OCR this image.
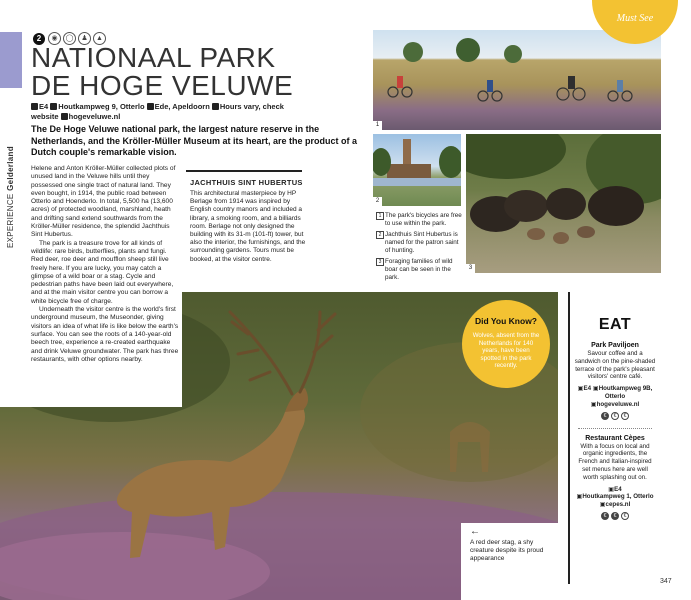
EXPERIENCE Gelderland
2	◉	◯	♟	▲
NATIONAAL PARK
DE HOGE VELUWE
E4 Houtkampweg 9, Otterlo Ede, Apeldoorn Hours vary, check
website hogeveluwe.nl

The De Hoge Veluwe national park, the largest nature reserve in the Netherlands, and the Kröller-Müller Museum at its heart, are the product of a Dutch couple's remarkable vision.

Helene and Anton Kröller-Müller collected plots of unused land in the Veluwe hills until they possessed one single tract of natural land. They even bought, in 1914, the public road between Otterlo and Hoenderlo. In total, 5,500 ha (13,600 acres) of protected woodland, marshland, heath and drifting sand extend southwards from the Kröller-Müller residence, the splendid Jachthuis Sint Hubertus.

The park is a treasure trove for all kinds of wildlife: rare birds, butterflies, plants and fungi. Red deer, roe deer and moufflon sheep still live freely here. If you are lucky, you may catch a glimpse of a wild boar or a stag. Cycle and pedestrian paths have been laid out everywhere, and at the main visitor centre you can borrow a white bicycle free of charge.

Underneath the visitor centre is the world's first underground museum, the Museonder, giving visitors an idea of what life is like below the earth's surface. You can see the roots of a 140-year-old beech tree, experience a re-created earthquake and drink Veluwe groundwater. The park has three restaurants, with other options nearby.

JACHTHUIS SINT HUBERTUS

This architectural masterpiece by HP Berlage from 1914 was inspired by English country manors and included a library, a smoking room, and a billiards room. Berlage not only designed the building with its 31-m (101-ft) tower, but also the interior, the furnishings, and the surrounding gardens. Tours must be booked, at the visitor centre.

1
2
3

1 The park's bicycles are free to use within the park.

2 Jachthuis Sint Hubertus is named for the patron saint of hunting.

3 Foraging families of wild boar can be seen in the park.

Must See
Did You Know?

Wolves, absent from the Netherlands for 140 years, have been spotted in the park recently.

EAT
Park Paviljoen

Savour coffee and a sandwich on the pine-shaded terrace of the park's pleasant visitors' centre café.

▣E4 ▣Houtkampweg 9B, Otterlo
▣hogeveluwe.nl

€	€	€
Restaurant Cèpes

With a focus on local and organic ingredients, the French and Italian-inspired set menus here are well worth splashing out on.

▣E4
▣Houtkampweg 1, Otterlo ▣cepes.nl

€	€	€
←
A red deer stag, a shy creature despite its proud appearance
347
